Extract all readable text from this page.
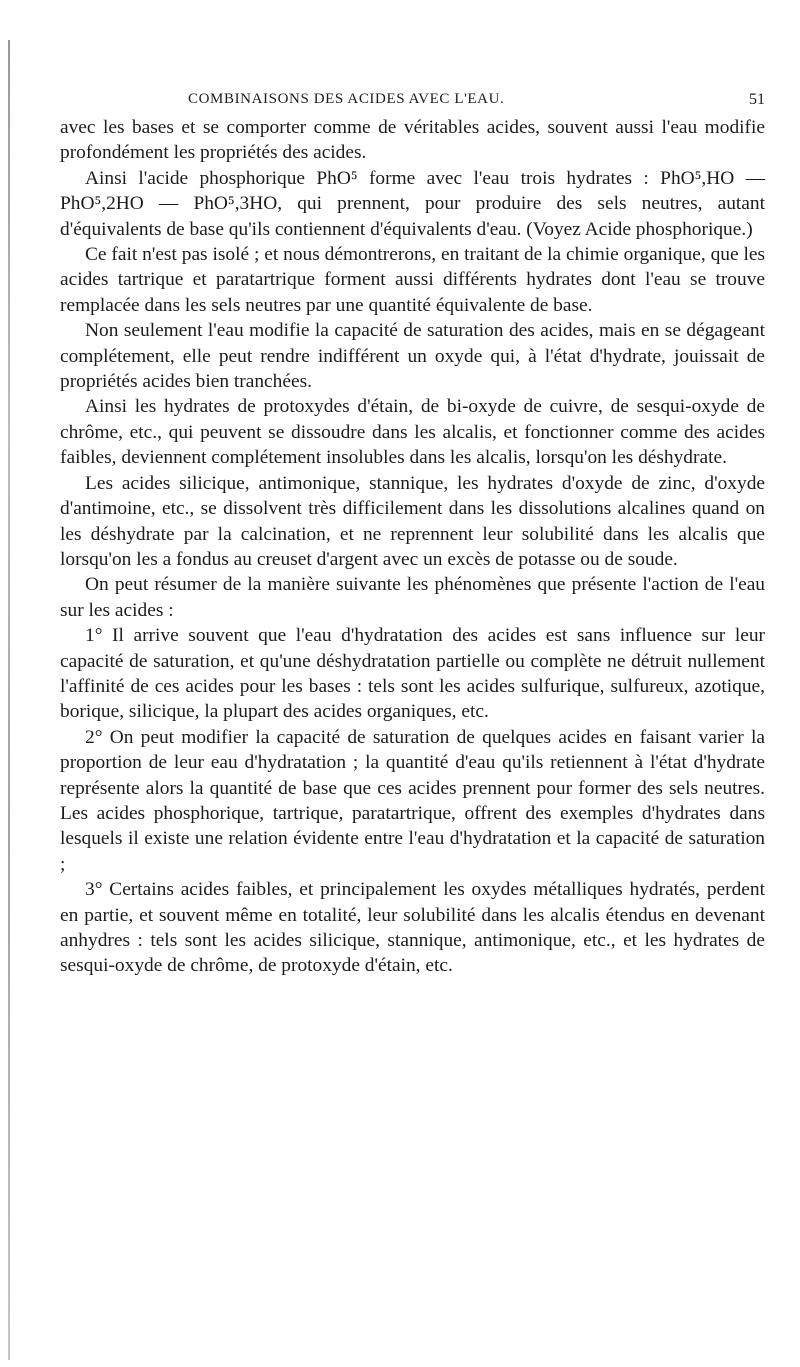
COMBINAISONS DES ACIDES AVEC L'EAU.	51

avec les bases et se comporter comme de véritables acides, souvent aussi l'eau modifie profondément les propriétés des acides.

Ainsi l'acide phosphorique PhO⁵ forme avec l'eau trois hydrates : PhO⁵,HO — PhO⁵,2HO — PhO⁵,3HO, qui prennent, pour produire des sels neutres, autant d'équivalents de base qu'ils contiennent d'équivalents d'eau. (Voyez Acide phosphorique.)

Ce fait n'est pas isolé ; et nous démontrerons, en traitant de la chimie organique, que les acides tartrique et paratartrique forment aussi différents hydrates dont l'eau se trouve remplacée dans les sels neutres par une quantité équivalente de base.

Non seulement l'eau modifie la capacité de saturation des acides, mais en se dégageant complétement, elle peut rendre indifférent un oxyde qui, à l'état d'hydrate, jouissait de propriétés acides bien tranchées.

Ainsi les hydrates de protoxydes d'étain, de bi-oxyde de cuivre, de sesqui-oxyde de chrôme, etc., qui peuvent se dissoudre dans les alcalis, et fonctionner comme des acides faibles, deviennent complétement insolubles dans les alcalis, lorsqu'on les déshydrate.

Les acides silicique, antimonique, stannique, les hydrates d'oxyde de zinc, d'oxyde d'antimoine, etc., se dissolvent très difficilement dans les dissolutions alcalines quand on les déshydrate par la calcination, et ne reprennent leur solubilité dans les alcalis que lorsqu'on les a fondus au creuset d'argent avec un excès de potasse ou de soude.

On peut résumer de la manière suivante les phénomènes que présente l'action de l'eau sur les acides :

1° Il arrive souvent que l'eau d'hydratation des acides est sans influence sur leur capacité de saturation, et qu'une déshydratation partielle ou complète ne détruit nullement l'affinité de ces acides pour les bases : tels sont les acides sulfurique, sulfureux, azotique, borique, silicique, la plupart des acides organiques, etc.

2° On peut modifier la capacité de saturation de quelques acides en faisant varier la proportion de leur eau d'hydratation ; la quantité d'eau qu'ils retiennent à l'état d'hydrate représente alors la quantité de base que ces acides prennent pour former des sels neutres. Les acides phosphorique, tartrique, paratartrique, offrent des exemples d'hydrates dans lesquels il existe une relation évidente entre l'eau d'hydratation et la capacité de saturation ;

3° Certains acides faibles, et principalement les oxydes métalliques hydratés, perdent en partie, et souvent même en totalité, leur solubilité dans les alcalis étendus en devenant anhydres : tels sont les acides silicique, stannique, antimonique, etc., et les hydrates de sesqui-oxyde de chrôme, de protoxyde d'étain, etc.
